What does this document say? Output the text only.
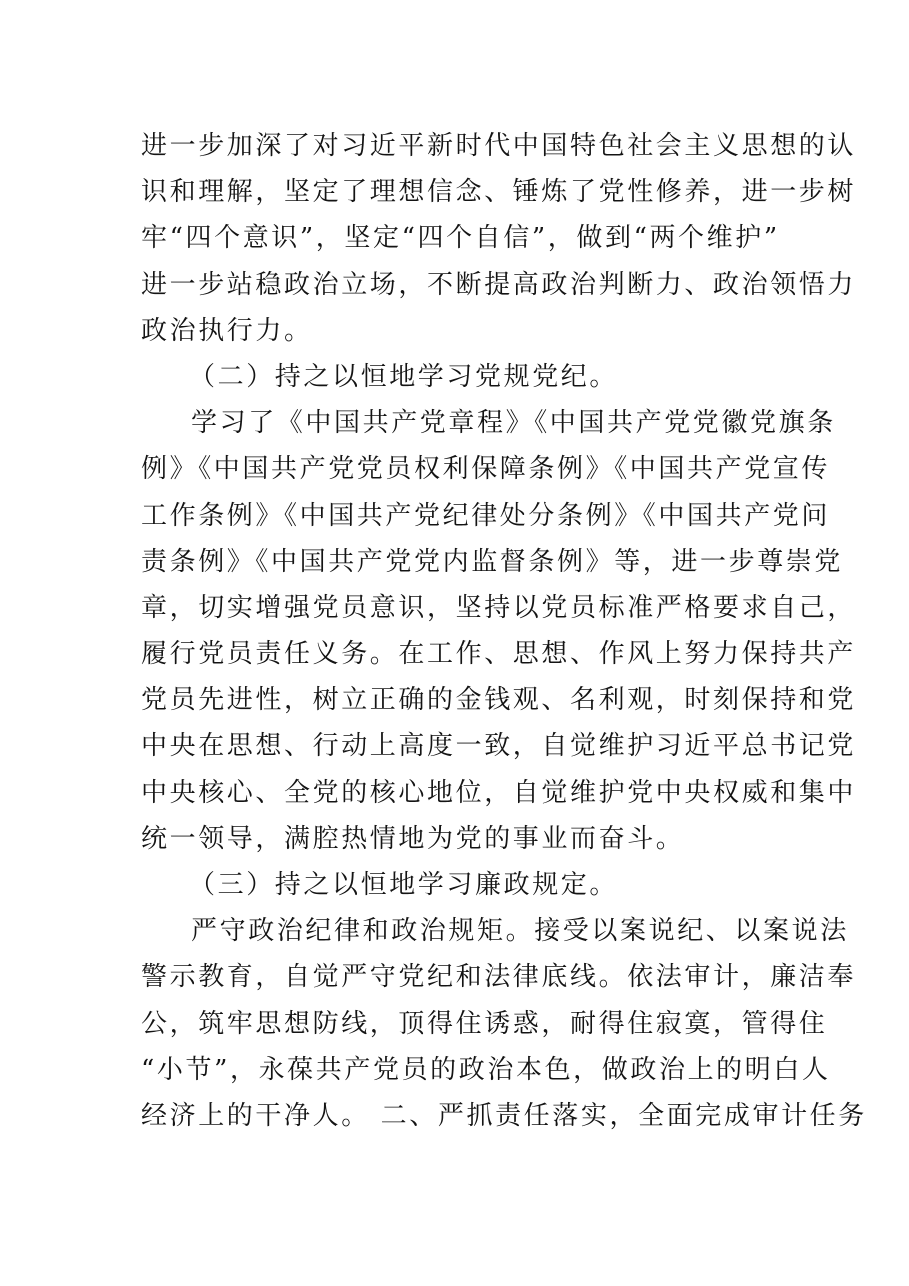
进一步加深了对习近平新时代中国特色社会主义思想的认
识和理解，坚定了理想信念、锤炼了党性修养，进一步树
牢“四个意识”，坚定“四个自信”，做到“两个维护”
进一步站稳政治立场，不断提高政治判断力、政治领悟力
政治执行力。
（二）持之以恒地学习党规党纪。
学习了《中国共产党章程》《中国共产党党徽党旗条
例》《中国共产党党员权利保障条例》《中国共产党宣传
工作条例》《中国共产党纪律处分条例》《中国共产党问
责条例》《中国共产党党内监督条例》等，进一步尊崇党
章，切实增强党员意识，坚持以党员标准严格要求自己，
履行党员责任义务。在工作、思想、作风上努力保持共产
党员先进性，树立正确的金钱观、名利观，时刻保持和党
中央在思想、行动上高度一致，自觉维护习近平总书记党
中央核心、全党的核心地位，自觉维护党中央权威和集中
统一领导，满腔热情地为党的事业而奋斗。
（三）持之以恒地学习廉政规定。
严守政治纪律和政治规矩。接受以案说纪、以案说法
警示教育，自觉严守党纪和法律底线。依法审计，廉洁奉
公，筑牢思想防线，顶得住诱惑，耐得住寂寞，管得住
“小节”，永葆共产党员的政治本色，做政治上的明白人
经济上的干净人。 二、严抓责任落实，全面完成审计任务
